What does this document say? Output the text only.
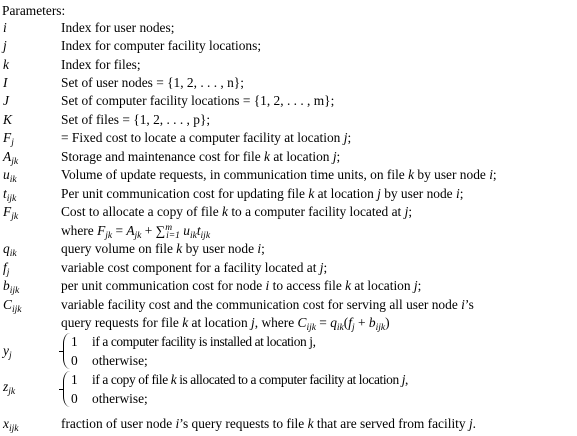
Parameters:
i	Index for user nodes;
j	Index for computer facility locations;
k	Index for files;
I	Set of user nodes = {1, 2, . . . , n};
J	Set of computer facility locations = {1, 2, . . . , m};
K	Set of files = {1, 2, . . . , p};
$F_j$	= Fixed cost to locate a computer facility at location j;
$A_{jk}$	Storage and maintenance cost for file k at location j;
$u_{ik}$	Volume of update requests, in communication time units, on file k by user node i;
$t_{ijk}$	Per unit communication cost for updating file k at location j by user node i;
$F_{jk}$	Cost to allocate a copy of file k to a computer facility located at j;
where $F_{jk} = A_{jk} + \sum^m_{i=1}$ $u_{ik}t_{ijk}$
$q_{ik}$	query volume on file k by user node i;
$f_j$	variable cost component for a facility located at j;
$b_{ijk}$	per unit communication cost for node i to access file k at location j;
$C_{ijk}$	variable facility cost and the communication cost for serving all user node i’s
query requests for file k at location j, where $C_{ijk} = q_{ik}(f_j + b_{ijk})$
$y_j$
1 if a computer facility is installed at location j,
0 otherwise;
$z_{jk}$
1 if a copy of file k is allocated to a computer facility at location j,
0 otherwise;
$x_{ijk}$	fraction of user node i’s query requests to file k that are served from facility j.
